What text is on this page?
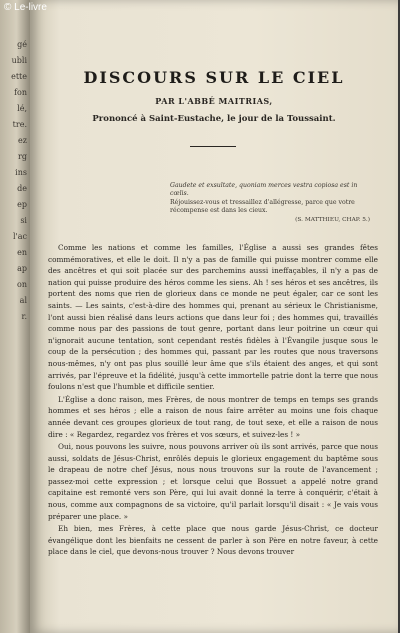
© Le-livre
gé
ubli
ette
fon
lé,
tre.
ez
rg
ins
de
ep
si
l'ac
en
ap
on
al
r.
DISCOURS SUR LE CIEL
PAR L'ABBÉ MAITRIAS,
Prononcé à Saint-Eustache, le jour de la Toussaint.

Gaudete et exsultate, quoniam merces vestra copiosa est in cœlis.

Réjouissez-vous et tressaillez d'allégresse, parce que votre récompense est dans les cieux.

(S. MATTHIEU, CHAP. 5.)

Comme les nations et comme les familles, l'Église a aussi ses grandes fêtes commémoratives, et elle le doit. Il n'y a pas de famille qui puisse montrer comme elle des ancêtres et qui soit placée sur des parchemins aussi ineffaçables, il n'y a pas de nation qui puisse produire des héros comme les siens. Ah ! ses héros et ses ancêtres, ils portent des noms que rien de glorieux dans ce monde ne peut égaler, car ce sont les saints. — Les saints, c'est-à-dire des hommes qui, prenant au sérieux le Christianisme, l'ont aussi bien réalisé dans leurs actions que dans leur foi ; des hommes qui, travaillés comme nous par des passions de tout genre, portant dans leur poitrine un cœur qui n'ignorait aucune tentation, sont cependant restés fidèles à l'Évangile jusque sous le coup de la persécution ; des hommes qui, passant par les routes que nous traversons nous-mêmes, n'y ont pas plus souillé leur âme que s'ils étaient des anges, et qui sont arrivés, par l'épreuve et la fidélité, jusqu'à cette immortelle patrie dont la terre que nous foulons n'est que l'humble et difficile sentier.

L'Église a donc raison, mes Frères, de nous montrer de temps en temps ses grands hommes et ses héros ; elle a raison de nous faire arrêter au moins une fois chaque année devant ces groupes glorieux de tout rang, de tout sexe, et elle a raison de nous dire : « Regardez, regardez vos frères et vos sœurs, et suivez-les ! »

Oui, nous pouvons les suivre, nous pouvons arriver où ils sont arrivés, parce que nous aussi, soldats de Jésus-Christ, enrôlés depuis le glorieux engagement du baptême sous le drapeau de notre chef Jésus, nous nous trouvons sur la route de l'avancement ; passez-moi cette expression ; et lorsque celui que Bossuet a appelé notre grand capitaine est remonté vers son Père, qui lui avait donné la terre à conquérir, c'était à nous, comme aux compagnons de sa victoire, qu'il parlait lorsqu'il disait : « Je vais vous préparer une place. »

Eh bien, mes Frères, à cette place que nous garde Jésus-Christ, ce docteur évangélique dont les bienfaits ne cessent de parler à son Père en notre faveur, à cette place dans le ciel, que devons-nous trouver ? Nous devons trouver
